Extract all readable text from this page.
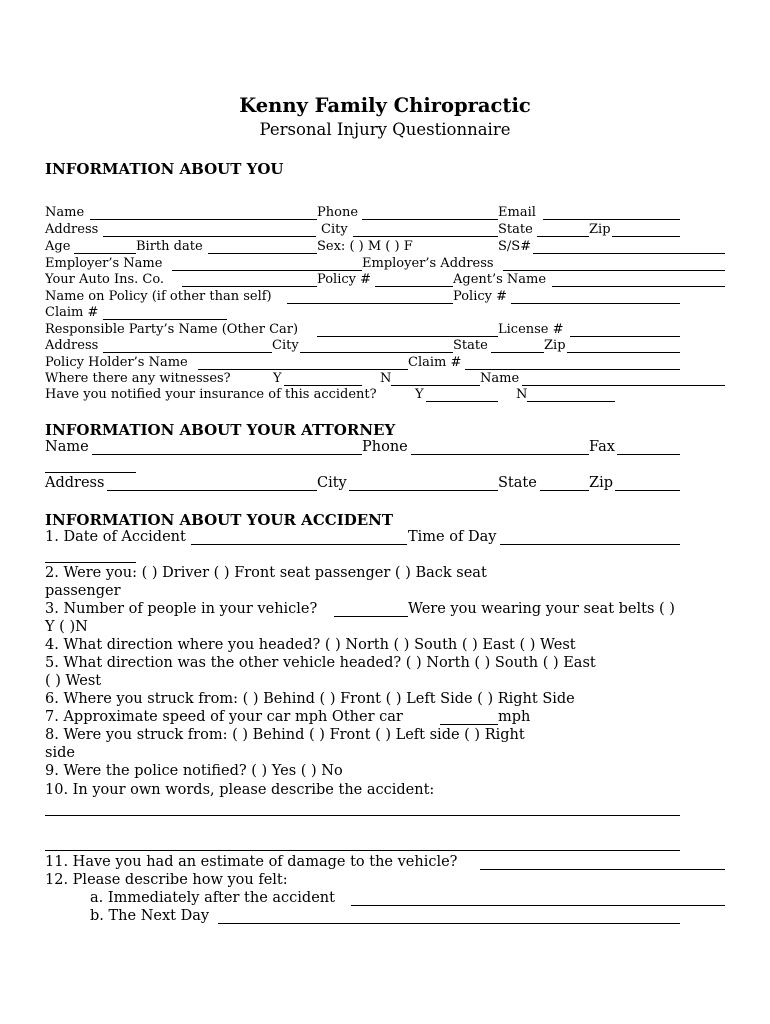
Kenny Family Chiropractic
Personal Injury Questionnaire
INFORMATION ABOUT YOU
Name	Phone	Email
Address	City	State	Zip
Age	Birth date	Sex: ( ) M ( ) F	S/S#
Employer’s Name	Employer’s Address
Your Auto Ins. Co.	Policy #	Agent’s Name
Name on Policy (if other than self)	Policy #
Claim #
Responsible Party’s Name (Other Car)	License #
Address	City	State	Zip
Policy Holder’s Name	Claim #
Where there any witnesses?	Y	N	Name
Have you notified your insurance of this accident?	Y	N
INFORMATION ABOUT YOUR ATTORNEY
Name	Phone	Fax
Address	City	State	Zip
INFORMATION ABOUT YOUR ACCIDENT
1. Date of Accident	Time of Day
2. Were you: ( ) Driver ( ) Front seat passenger ( ) Back seat
passenger
3. Number of people in your vehicle?	Were you wearing your seat belts ( )
Y ( )N
4. What direction where you headed? ( ) North ( ) South ( ) East ( ) West
5. What direction was the other vehicle headed? ( ) North ( ) South ( ) East
( ) West
6. Where you struck from: ( ) Behind ( ) Front ( ) Left Side ( ) Right Side
7. Approximate speed of your car mph Other car	mph
8. Were you struck from: ( ) Behind ( ) Front ( ) Left side ( ) Right
side
9. Were the police notified? ( ) Yes ( ) No
10. In your own words, please describe the accident:
11. Have you had an estimate of damage to the vehicle?
12. Please describe how you felt:
a. Immediately after the accident
b. The Next Day
